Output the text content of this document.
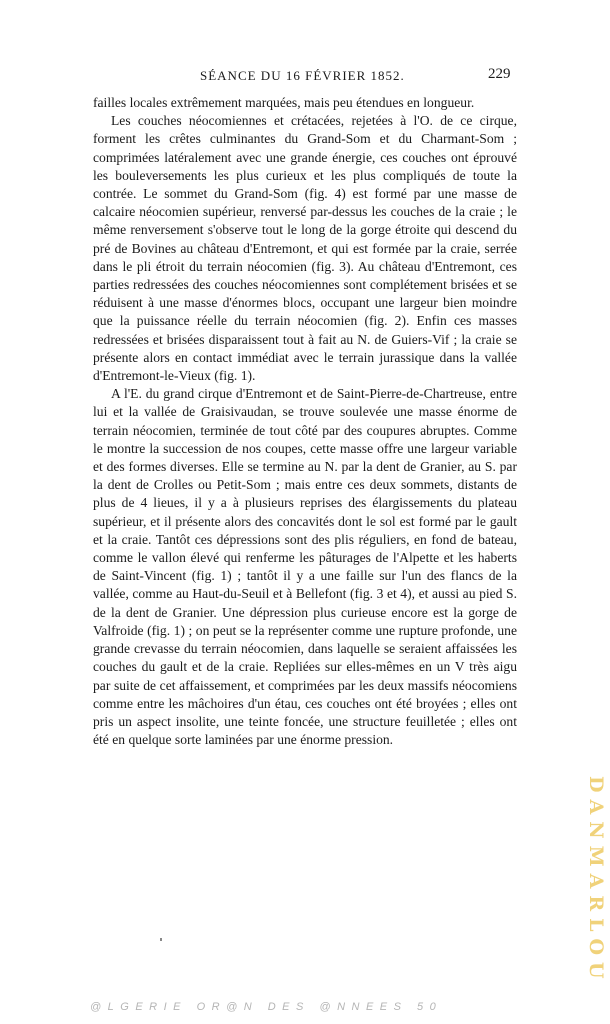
SÉANCE DU 16 FÉVRIER 1852.	229

failles locales extrêmement marquées, mais peu étendues en longueur.

Les couches néocomiennes et crétacées, rejetées à l'O. de ce cirque, forment les crêtes culminantes du Grand-Som et du Charmant-Som ; comprimées latéralement avec une grande énergie, ces couches ont éprouvé les bouleversements les plus curieux et les plus compliqués de toute la contrée. Le sommet du Grand-Som (fig. 4) est formé par une masse de calcaire néocomien supérieur, renversé par-dessus les couches de la craie ; le même renversement s'observe tout le long de la gorge étroite qui descend du pré de Bovines au château d'Entremont, et qui est formée par la craie, serrée dans le pli étroit du terrain néocomien (fig. 3). Au château d'Entremont, ces parties redressées des couches néocomiennes sont complétement brisées et se réduisent à une masse d'énormes blocs, occupant une largeur bien moindre que la puissance réelle du terrain néocomien (fig. 2). Enfin ces masses redressées et brisées disparaissent tout à fait au N. de Guiers-Vif ; la craie se présente alors en contact immédiat avec le terrain jurassique dans la vallée d'Entremont-le-Vieux (fig. 1).

A l'E. du grand cirque d'Entremont et de Saint-Pierre-de-Chartreuse, entre lui et la vallée de Graisivaudan, se trouve soulevée une masse énorme de terrain néocomien, terminée de tout côté par des coupures abruptes. Comme le montre la succession de nos coupes, cette masse offre une largeur variable et des formes diverses. Elle se termine au N. par la dent de Granier, au S. par la dent de Crolles ou Petit-Som ; mais entre ces deux sommets, distants de plus de 4 lieues, il y a à plusieurs reprises des élargissements du plateau supérieur, et il présente alors des concavités dont le sol est formé par le gault et la craie. Tantôt ces dépressions sont des plis réguliers, en fond de bateau, comme le vallon élevé qui renferme les pâturages de l'Alpette et les haberts de Saint-Vincent (fig. 1) ; tantôt il y a une faille sur l'un des flancs de la vallée, comme au Haut-du-Seuil et à Bellefont (fig. 3 et 4), et aussi au pied S. de la dent de Granier. Une dépression plus curieuse encore est la gorge de Valfroide (fig. 1) ; on peut se la représenter comme une rupture profonde, une grande crevasse du terrain néocomien, dans laquelle se seraient affaissées les couches du gault et de la craie. Repliées sur elles-mêmes en un V très aigu par suite de cet affaissement, et comprimées par les deux massifs néocomiens comme entre les mâchoires d'un étau, ces couches ont été broyées ; elles ont pris un aspect insolite, une teinte foncée, une structure feuilletée ; elles ont été en quelque sorte laminées par une énorme pression.

DANMARLOU
@LGERIE OR@N DES @NNEES 50
